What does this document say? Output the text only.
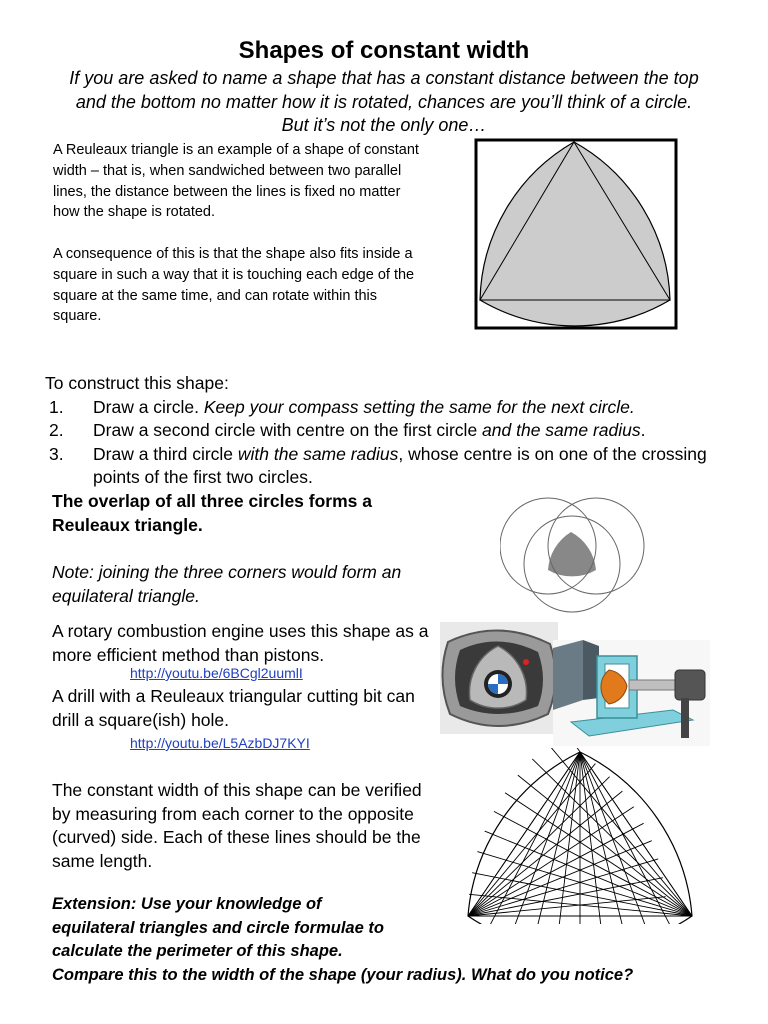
Shapes of constant width
If you are asked to name a shape that has a constant distance between the top
and the bottom no matter how it is rotated, chances are you’ll think of a circle.
But it’s not the only one…

A Reuleaux triangle is an example of a shape of constant width – that is, when sandwiched between two parallel lines, the distance between the lines is fixed no matter how the shape is rotated.

A consequence of this is that the shape also fits inside a square in such a way that it is touching each edge of the square at the same time, and can rotate within this square.

To construct this shape:
1. Draw a circle. Keep your compass setting the same for the next circle.
2. Draw a second circle with centre on the first circle and the same radius.
3. Draw a third circle with the same radius, whose centre is on one of the crossing points of the first two circles.
The overlap of all three circles forms a Reuleaux triangle.
Note: joining the three corners would form an equilateral triangle.
A rotary combustion engine uses this shape as a more efficient method than pistons.
http://youtu.be/6BCgl2uumlI
A drill with a Reuleaux triangular cutting bit can drill a square(ish) hole.
http://youtu.be/L5AzbDJ7KYI
The constant width of this shape can be verified by measuring from each corner to the opposite (curved) side. Each of these lines should be the same length.
Extension: Use your knowledge of
equilateral triangles and circle formulae to
calculate the perimeter of this shape.
Compare this to the width of the shape (your radius). What do you notice?
